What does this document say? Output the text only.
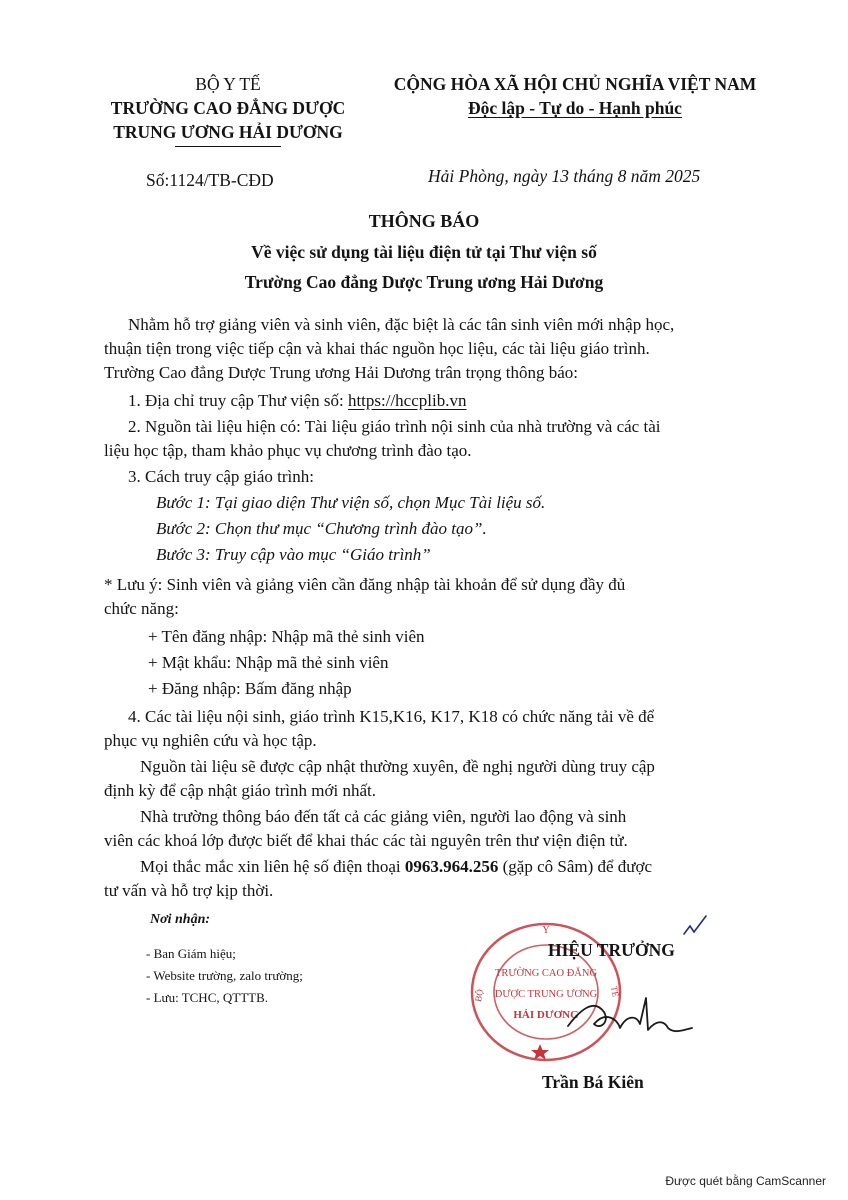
BỘ Y TẾ
TRƯỜNG CAO ĐẲNG DƯỢC
TRUNG ƯƠNG HẢI DƯƠNG
Số:1124/TB-CĐD
CỘNG HÒA XÃ HỘI CHỦ NGHĨA VIỆT NAM
Độc lập - Tự do - Hạnh phúc
Hải Phòng, ngày 13 tháng 8 năm 2025
THÔNG BÁO
Về việc sử dụng tài liệu điện tử tại Thư viện số
Trường Cao đẳng Dược Trung ương Hải Dương
Nhằm hỗ trợ giảng viên và sinh viên, đặc biệt là các tân sinh viên mới nhập học,
thuận tiện trong việc tiếp cận và khai thác nguồn học liệu, các tài liệu giáo trình.
Trường Cao đẳng Dược Trung ương Hải Dương trân trọng thông báo:
1. Địa chỉ truy cập Thư viện số: https://hccplib.vn
2. Nguồn tài liệu hiện có: Tài liệu giáo trình nội sinh của nhà trường và các tài
liệu học tập, tham khảo phục vụ chương trình đào tạo.
3. Cách truy cập giáo trình:
Bước 1: Tại giao diện Thư viện số, chọn Mục Tài liệu số.
Bước 2: Chọn thư mục “Chương trình đào tạo”.
Bước 3: Truy cập vào mục “Giáo trình”
* Lưu ý: Sinh viên và giảng viên cần đăng nhập tài khoản để sử dụng đầy đủ
chức năng:
+ Tên đăng nhập: Nhập mã thẻ sinh viên
+ Mật khẩu: Nhập mã thẻ sinh viên
+ Đăng nhập: Bấm đăng nhập
4. Các tài liệu nội sinh, giáo trình K15,K16, K17, K18 có chức năng tải về để
phục vụ nghiên cứu và học tập.
Nguồn tài liệu sẽ được cập nhật thường xuyên, đề nghị người dùng truy cập
định kỳ để cập nhật giáo trình mới nhất.
Nhà trường thông báo đến tất cả các giảng viên, người lao động và sinh
viên các khoá lớp được biết để khai thác các tài nguyên trên thư viện điện tử.
Mọi thắc mắc xin liên hệ số điện thoại 0963.964.256 (gặp cô Sâm) để được
tư vấn và hỗ trợ kịp thời.
Nơi nhận:
- Ban Giám hiệu;
- Website trường, zalo trường;
- Lưu: TCHC, QTTTB.
Y
BỘ	TẾ
TRƯỜNG CAO ĐẲNG
DƯỢC TRUNG ƯƠNG
HẢI DƯƠNG
HIỆU TRƯỞNG
Trần Bá Kiên
Được quét bằng CamScanner
